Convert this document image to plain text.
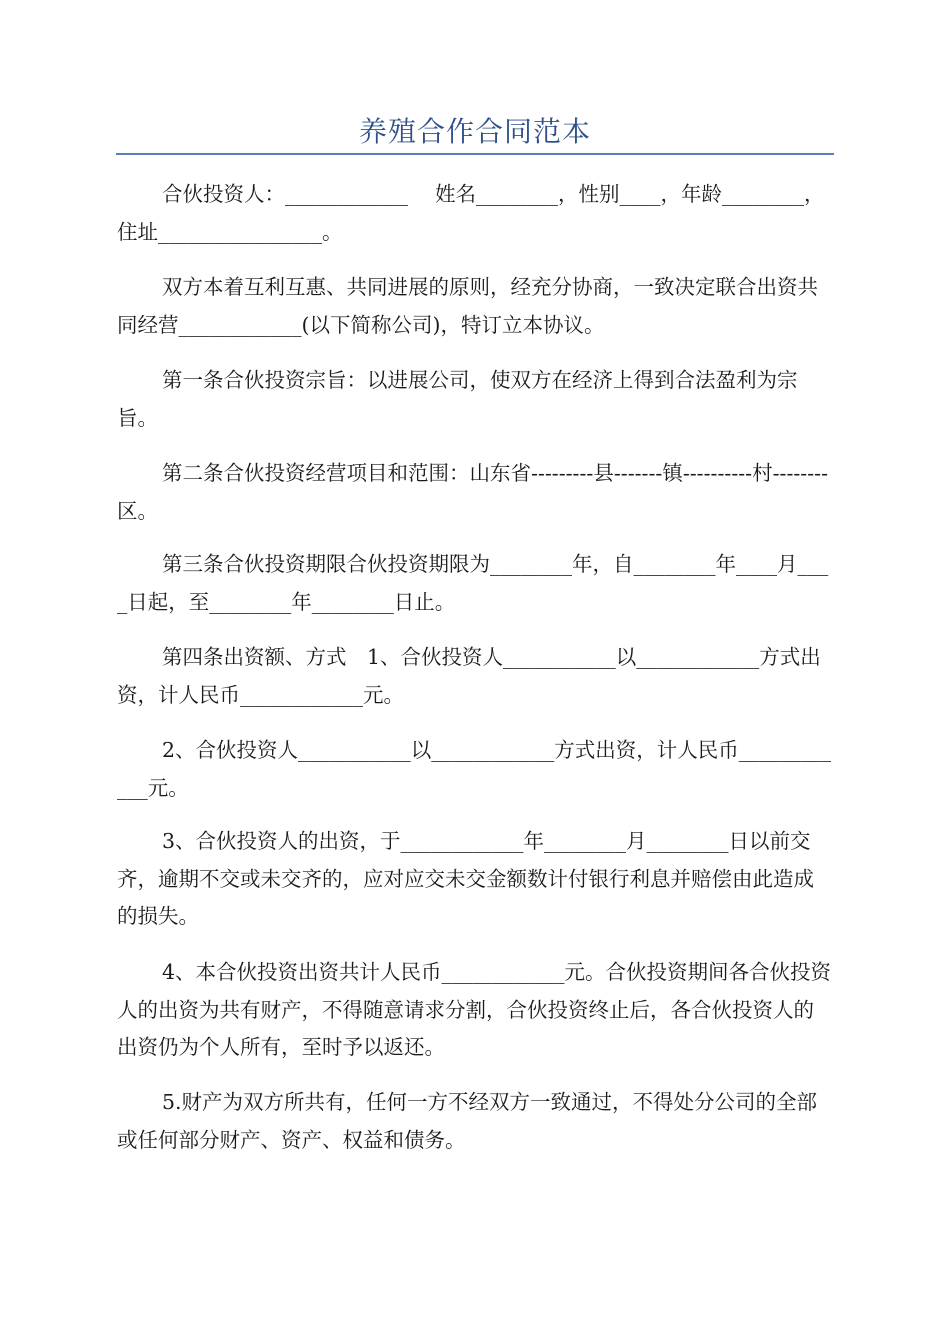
养殖合作合同范本

合伙投资人：____________　 姓名________，性别____，年龄________，住址________________。

双方本着互利互惠、共同进展的原则，经充分协商，一致决定联合出资共同经营____________(以下简称公司)，特订立本协议。

第一条合伙投资宗旨：以进展公司，使双方在经济上得到合法盈利为宗旨。

第二条合伙投资经营项目和范围：山东省---------县-------镇----------村--------区。

第三条合伙投资期限合伙投资期限为________年，自________年____月____日起，至________年________日止。

第四条出资额、方式　1、合伙投资人___________以____________方式出资，计人民币____________元。

2、合伙投资人___________以____________方式出资，计人民币____________元。

3、合伙投资人的出资，于____________年________月________日以前交齐，逾期不交或未交齐的，应对应交未交金额数计付银行利息并赔偿由此造成的损失。

4、本合伙投资出资共计人民币____________元。合伙投资期间各合伙投资人的出资为共有财产，不得随意请求分割，合伙投资终止后，各合伙投资人的出资仍为个人所有，至时予以返还。

5.财产为双方所共有，任何一方不经双方一致通过，不得处分公司的全部或任何部分财产、资产、权益和债务。
